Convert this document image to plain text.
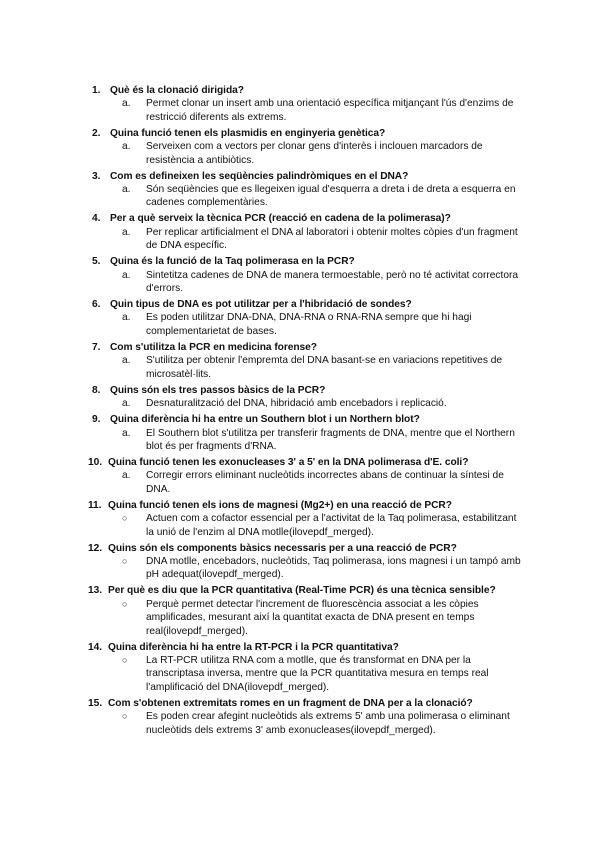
1. Què és la clonació dirigida?
a.	Permet clonar un insert amb una orientació específica mitjançant l'ús d'enzims de restricció diferents als extrems.
2. Quina funció tenen els plasmidis en enginyeria genètica?
a.	Serveixen com a vectors per clonar gens d'interès i inclouen marcadors de resistència a antibiòtics.
3. Com es defineixen les seqüències palindròmiques en el DNA?
a.	Són seqüències que es llegeixen igual d'esquerra a dreta i de dreta a esquerra en cadenes complementàries.
4. Per a què serveix la tècnica PCR (reacció en cadena de la polimerasa)?
a.	Per replicar artificialment el DNA al laboratori i obtenir moltes còpies d'un fragment de DNA específic.
5. Quina és la funció de la Taq polimerasa en la PCR?
a.	Sintetitza cadenes de DNA de manera termoestable, però no té activitat correctora d'errors.
6. Quin tipus de DNA es pot utilitzar per a l'hibridació de sondes?
a.	Es poden utilitzar DNA-DNA, DNA-RNA o RNA-RNA sempre que hi hagi complementarietat de bases.
7. Com s'utilitza la PCR en medicina forense?
a.	S'utilitza per obtenir l'empremta del DNA basant-se en variacions repetitives de microsatèl·lits.
8. Quins són els tres passos bàsics de la PCR?
a.	Desnaturalització del DNA, hibridació amb encebadors i replicació.
9. Quina diferència hi ha entre un Southern blot i un Northern blot?
a.	El Southern blot s'utilitza per transferir fragments de DNA, mentre que el Northern blot és per fragments d'RNA.
10. Quina funció tenen les exonucleases 3' a 5' en la DNA polimerasa d'E. coli?
a.	Corregir errors eliminant nucleòtids incorrectes abans de continuar la síntesi de DNA.
11. Quina funció tenen els ions de magnesi (Mg2+) en una reacció de PCR?
○	Actuen com a cofactor essencial per a l'activitat de la Taq polimerasa, estabilitzant la unió de l'enzim al DNA motlle(ilovepdf_merged).
12. Quins són els components bàsics necessaris per a una reacció de PCR?
○	DNA motlle, encebadors, nucleòtids, Taq polimerasa, ions magnesi i un tampó amb pH adequat(ilovepdf_merged).
13. Per què es diu que la PCR quantitativa (Real-Time PCR) és una tècnica sensible?
○	Perquè permet detectar l'increment de fluorescència associat a les còpies amplificades, mesurant així la quantitat exacta de DNA present en temps real(ilovepdf_merged).
14. Quina diferència hi ha entre la RT-PCR i la PCR quantitativa?
○	La RT-PCR utilitza RNA com a motlle, que és transformat en DNA per la transcriptasa inversa, mentre que la PCR quantitativa mesura en temps real l'amplificació del DNA(ilovepdf_merged).
15. Com s'obtenen extremitats romes en un fragment de DNA per a la clonació?
○	Es poden crear afegint nucleòtids als extrems 5' amb una polimerasa o eliminant nucleòtids dels extrems 3' amb exonucleases(ilovepdf_merged).
